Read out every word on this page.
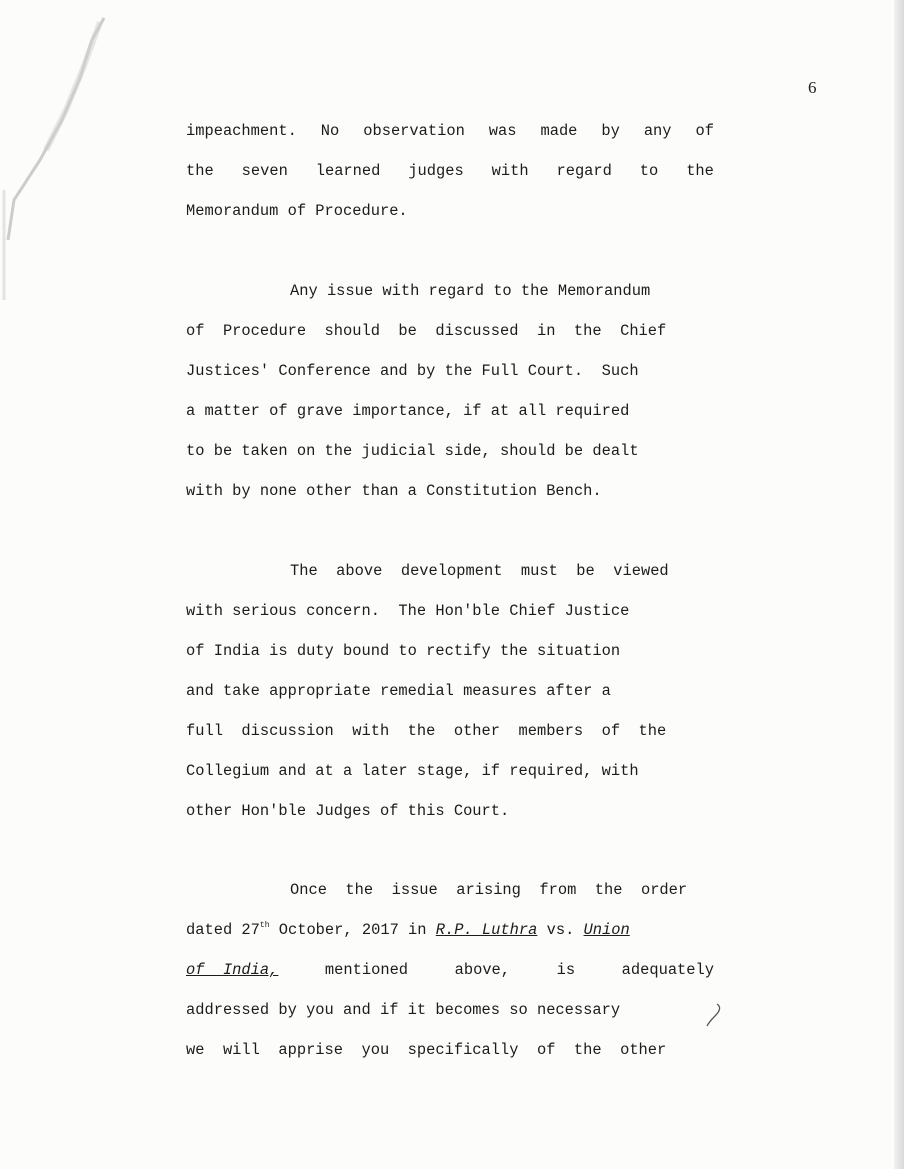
6
impeachment. No observation was made by any of
the seven learned judges with regard to the
Memorandum of Procedure.
Any issue with regard to the Memorandum
of  Procedure  should  be  discussed  in  the  Chief
Justices' Conference and by the Full Court.  Such
a matter of grave importance, if at all required
to be taken on the judicial side, should be dealt
with by none other than a Constitution Bench.
The  above  development  must  be  viewed
with serious concern.  The Hon'ble Chief Justice
of India is duty bound to rectify the situation
and take appropriate remedial measures after a
full  discussion  with  the  other  members  of  the
Collegium and at a later stage, if required, with
other Hon'ble Judges of this Court.
Once  the  issue  arising  from  the  order
dated 27th October, 2017 in R.P. Luthra vs. Union
of  India,	mentioned	above,	is	adequately
addressed by you and if it becomes so necessary
we  will  apprise  you  specifically  of  the  other
